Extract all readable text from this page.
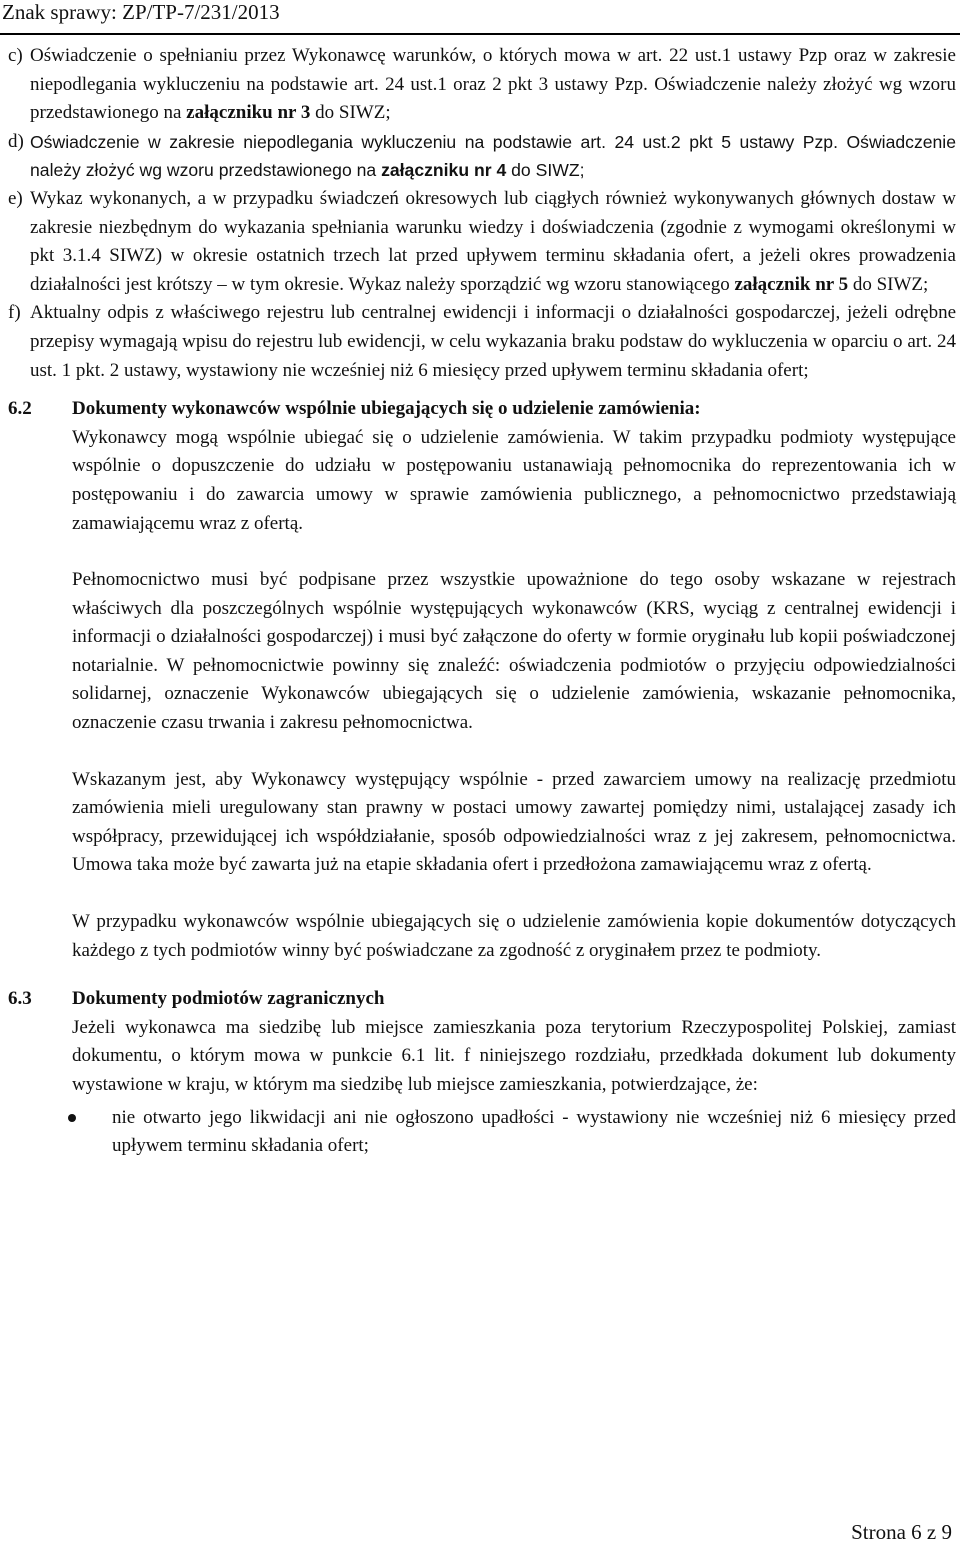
Znak sprawy: ZP/TP-7/231/2013
c) Oświadczenie o spełnianiu przez Wykonawcę warunków, o których mowa w art. 22 ust.1 ustawy Pzp oraz w zakresie niepodlegania wykluczeniu na podstawie art. 24 ust.1 oraz 2 pkt 3 ustawy Pzp. Oświadczenie należy złożyć wg wzoru przedstawionego na załączniku nr 3 do SIWZ;
d) Oświadczenie w zakresie niepodlegania wykluczeniu na podstawie art. 24 ust.2 pkt 5 ustawy Pzp. Oświadczenie należy złożyć wg wzoru przedstawionego na załączniku nr 4 do SIWZ;
e) Wykaz wykonanych, a w przypadku świadczeń okresowych lub ciągłych również wykonywanych głównych dostaw w zakresie niezbędnym do wykazania spełniania warunku wiedzy i doświadczenia (zgodnie z wymogami określonymi w pkt 3.1.4 SIWZ) w okresie ostatnich trzech lat przed upływem terminu składania ofert, a jeżeli okres prowadzenia działalności jest krótszy – w tym okresie. Wykaz należy sporządzić wg wzoru stanowiącego załącznik nr 5 do SIWZ;
f) Aktualny odpis z właściwego rejestru lub centralnej ewidencji i informacji o działalności gospodarczej, jeżeli odrębne przepisy wymagają wpisu do rejestru lub ewidencji, w celu wykazania braku podstaw do wykluczenia w oparciu o art. 24 ust. 1 pkt. 2 ustawy, wystawiony nie wcześniej niż 6 miesięcy przed upływem terminu składania ofert;
6.2	Dokumenty wykonawców wspólnie ubiegających się o udzielenie zamówienia:
Wykonawcy mogą wspólnie ubiegać się o udzielenie zamówienia. W takim przypadku podmioty występujące wspólnie o dopuszczenie do udziału w postępowaniu ustanawiają pełnomocnika do reprezentowania ich w postępowaniu i do zawarcia umowy w sprawie zamówienia publicznego, a pełnomocnictwo przedstawiają zamawiającemu wraz z ofertą.
Pełnomocnictwo musi być podpisane przez wszystkie upoważnione do tego osoby wskazane w rejestrach właściwych dla poszczególnych wspólnie występujących wykonawców (KRS, wyciąg z centralnej ewidencji i informacji o działalności gospodarczej) i musi być załączone do oferty w formie oryginału lub kopii poświadczonej notarialnie. W pełnomocnictwie powinny się znaleźć: oświadczenia podmiotów o przyjęciu odpowiedzialności solidarnej, oznaczenie Wykonawców ubiegających się o udzielenie zamówienia, wskazanie pełnomocnika, oznaczenie czasu trwania i zakresu pełnomocnictwa.
Wskazanym jest, aby Wykonawcy występujący wspólnie - przed zawarciem umowy na realizację przedmiotu zamówienia mieli uregulowany stan prawny w postaci umowy zawartej pomiędzy nimi, ustalającej zasady ich współpracy, przewidującej ich współdziałanie, sposób odpowiedzialności wraz z jej zakresem, pełnomocnictwa. Umowa taka może być zawarta już na etapie składania ofert i przedłożona zamawiającemu wraz z ofertą.
W przypadku wykonawców wspólnie ubiegających się o udzielenie zamówienia kopie dokumentów dotyczących każdego z tych podmiotów winny być poświadczane za zgodność z oryginałem przez te podmioty.
6.3	Dokumenty podmiotów zagranicznych
Jeżeli wykonawca ma siedzibę lub miejsce zamieszkania poza terytorium Rzeczypospolitej Polskiej, zamiast dokumentu, o którym mowa w punkcie 6.1 lit. f niniejszego rozdziału, przedkłada dokument lub dokumenty wystawione w kraju, w którym ma siedzibę lub miejsce zamieszkania, potwierdzające, że:
nie otwarto jego likwidacji ani nie ogłoszono upadłości - wystawiony nie wcześniej niż 6 miesięcy przed upływem terminu składania ofert;
Strona 6 z 9
